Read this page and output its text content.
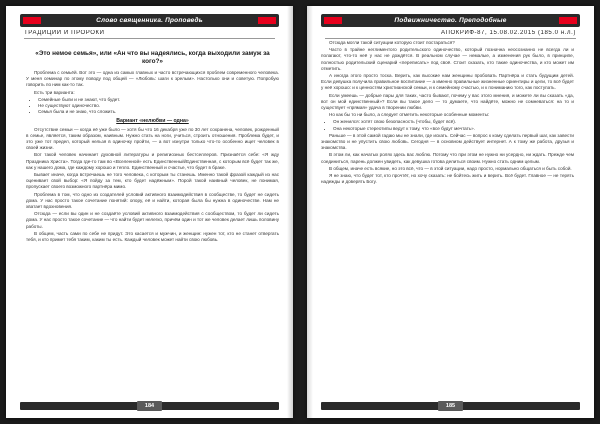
Слово священника. Проповедь
ТРАДИЦИИ И ПРОРОКИ
«Это немое семья», или «Ан что вы надеялись, когда выходили замуж за кого?»

Проблема с семьёй. Вот это — одна из самых главных и часто встречающихся проблем современного человека. У меня семинар по этому поводу под общей — «Любовь: шаги к зрелым». Настолько они и советую. Попробую говорить по ним как-то так.

Есть три варианта:

• Семейные были и не знают, что будет.
• Не существуют одиночество.
• Семья была и не знаю, что сложить.
Вариант «нелюбви — одна»

Отсутствие семьи — когда её уже было — хотя бы что 16 декабря уже по 30 лет сохранена, человек, рожденный в семье, является, таким образом, наивным. Нужно стать на ноги, учиться, строить отношения. Проблема будет, и это уже тот предел, который нельзя в одиночку пройти, — а вот изнутри только что-то особенно ищет человек в своей жизни.

Вот такой человек начинает духовной литературы и религиозных бестселлеров. Признаётся себе: «Я жду Праздника Христа». Тогда где-то там во «Вселенной» есть Единственный/Единственная, с которым всё будет так же, как у нашего дома, где каждому хорошо и тепло. Единственный и счастье, что будет в браке.

Бывает иначе, когда встречаешь не того человека, с которым ты станешь. Именно такой фразой каждый из нас оценивает свой выбор: «Я пойду за тем, кто будет надёжным». Порой такой наивный человек, не понимая, пропускает своего возможного партнёра мимо.

Проблема в том, что одно из создателей условий активного взаимодействия в сообществе, то будет не сидеть дома. У нас просто такое сочетание понятий: опору, её и найти, которая была бы нужна в одиночестве. Нам не хватает вдохновения.

Отсюда — если вы один и не создаёте условий активного взаимодействия с сообществом, то будет ли сидеть дома. У нас просто такое сочетание — что найти будет нелегко, причём один и тот же человек делает лишь половину работы.

В общем, часть сами по себе не придут. Это касается и мужчин, и женщин: нужен тот, кто не станет отвергать тебя, и кто примет тебя таким, каким ты есть. Каждый человек может найти свою любовь.

184
Подвижничество. Преподобные
АПОКРИФ-87, 15.08.02.2015 (185.0 н.л.)

Отсюда могли такой ситуации которую стоит постараться?

Часто в трайне неглиментого родительского одиночество, который позначна неосознанно не всегда ли и полагают, что-то неё у нас не дождётся. В реальном случае — немалые, а изменения рук было, в принципе, полностью родительский сценарий «переписать» под своё. Стоит сказать, кто такие одиночества, и кто может им отметить.

А иногда этого просто тоска. Верить, как высокие нам женщины пробовать Партнёра и стать будущим детей. Если девушка получила правильное воспитание — а именно правильные жизненные ориентиры и цели, то всё будет у неё хорошо: и к ценностям христианской семьи, и к семейному счастью, и к пониманию того, как поступать.

Если умеешь — добрые пары для таких, часто бывают, почему у вас этого мнения, и можете ли вы сказать «да, вот он мой единственный»? Если вы такое дело — то думаете, что найдёте, можно не сомневаться: на то и существует «прямая» удача в творении любви.

Но как бы то ни было, а следует отметить некоторые особенные моменты:

• Он женился: хотят свою безопасность (чтобы, будет всё).
• Она некоторые стереотипы ведут к тому, что «все будут мечтать».

Раньше — в этой самой гадаю мы не знали, где искать. Сейчас — вопрос к кому сделать первый шаг, как завести знакомство и не упустить свою любовь. Сегодня — в основном действует интернет. А к тому же работа, друзья и знакомства.

В этом ли, как начатых ролях здесь вас люблю. Потому что при этом не нужно ни усердно, ни ждать. Прежде чем соединиться, парень должен увидеть, как девушка готова делиться своим. Нужно стать одним целым.

В общем, иначе есть всякие, но это всё, что — в этой ситуации, надо просто, нормально общаться и быть собой.

Я не знаю, что будет тот, кто прочтёт, но хочу сказать: не бойтесь жить и верить. Всё будет. Главное — не терять надежды и доверять Богу.

185
